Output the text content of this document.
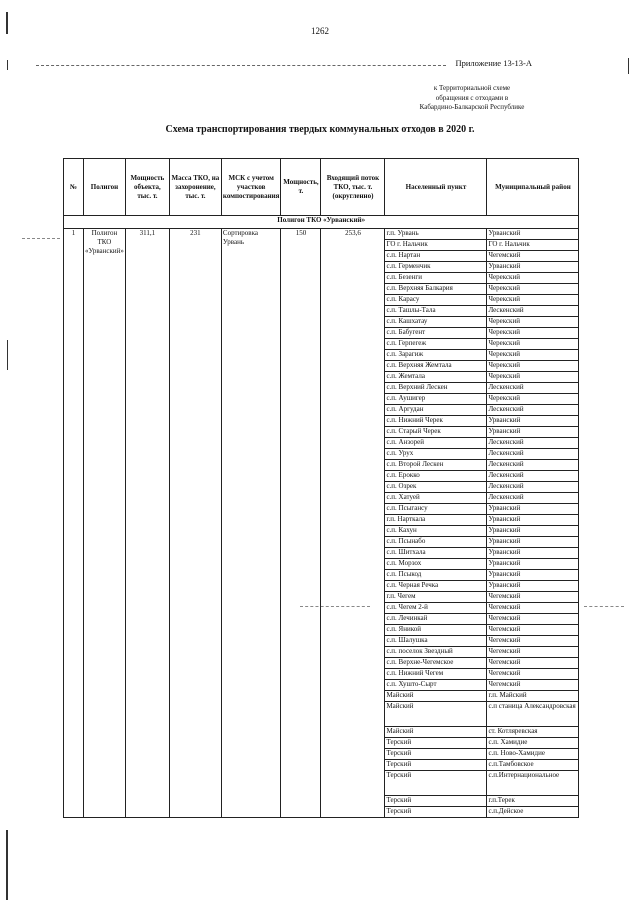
1262
Приложение 13-13-А
к Территориальной схеме
обращения с отходами в
Кабардино-Балкарской Республике
Схема транспортирования твердых коммунальных отходов в 2020 г.
№	Полигон	Мощность объекта, тыс. т.	Масса ТКО, на захоронение, тыс. т.	МСК с учетом участков компостирования	Мощность, т.	Входящий поток ТКО, тыс. т. (округленно)	Населенный пункт	Муниципальный район
Полигон ТКО «Урванский»								
1	Полигон ТКО «Урванский»	311,1	231	Сортировка Урвань	150	253,6	г.п. Урвань	Урванский
							ГО г. Нальчик	ГО г. Нальчик
							с.п. Нартан	Чегемский
							с.п. Герменчик	Урванский
							с.п. Безенги	Черекский
							с.п. Верхняя Балкария	Черекский
							с.п. Карасу	Черекский
							с.п. Ташлы-Тала	Лескенский
							с.п. Кашхатау	Черекский
							с.п. Бабугент	Черекский
							с.п. Герпегеж	Черекский
							с.п. Зарагиж	Черекский
							с.п. Верхняя Жемтала	Черекский
							с.п. Жемтала	Черекский
							с.п. Верхний Лескен	Лескенский
							с.п. Аушигер	Черекский
							с.п. Аргудан	Лескенский
							с.п. Нижний Черек	Урванский
							с.п. Старый Черек	Урванский
							с.п. Анзорей	Лескенский
							с.п. Урух	Лескенский
							с.п. Второй Лескен	Лескенский
							с.п. Ерокко	Лескенский
							с.п. Озрек	Лескенский
							с.п. Хатуей	Лескенский
							с.п. Псыгансу	Урванский
							г.п. Нарткала	Урванский
							с.п. Кахун	Урванский
							с.п. Псынабо	Урванский
							с.п. Шитхала	Урванский
							с.п. Морзох	Урванский
							с.п. Псыкод	Урванский
							с.п. Черная Речка	Урванский
							г.п. Чегем	Чегемский
							с.п. Чегем 2-й	Чегемский
							с.п. Лечинкай	Чегемский
							с.п. Яникой	Чегемский
							с.п. Шалушка	Чегемский
							с.п. поселок Звездный	Чегемский
							с.п. Верхне-Чегемское	Чегемский
							с.п. Нижний Чегем	Чегемский
							с.п. Хушто-Сырт	Чегемский
							Майский	г.п. Майский
							Майский	с.п станица Александровская
							Майский	ст. Котляревская
							Терский	с.п. Хамидие
							Терский	с.п. Ново-Хамидие
							Терский	с.п.Тамбовское
							Терский	с.п.Интернациональное
							Терский	г.п.Терек
							Терский	с.п.Дейское
